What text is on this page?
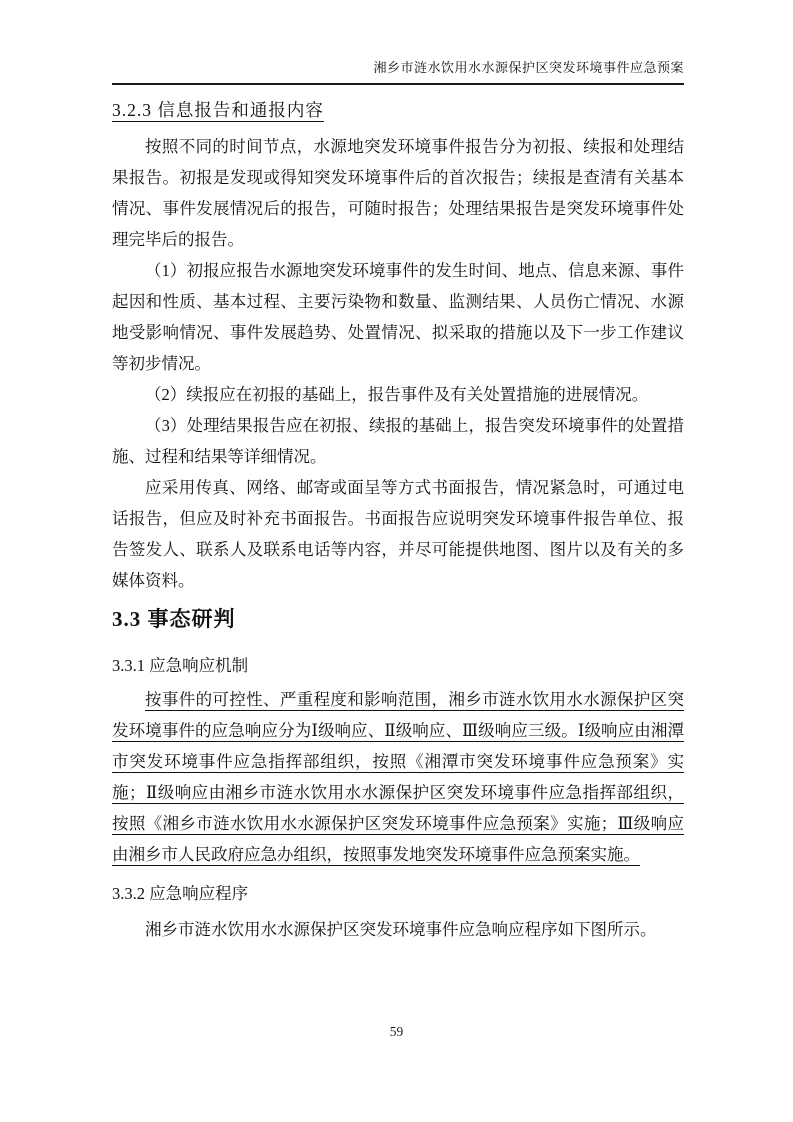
湘乡市涟水饮用水水源保护区突发环境事件应急预案
3.2.3 信息报告和通报内容

按照不同的时间节点，水源地突发环境事件报告分为初报、续报和处理结果报告。初报是发现或得知突发环境事件后的首次报告；续报是查清有关基本情况、事件发展情况后的报告，可随时报告；处理结果报告是突发环境事件处理完毕后的报告。

（1）初报应报告水源地突发环境事件的发生时间、地点、信息来源、事件起因和性质、基本过程、主要污染物和数量、监测结果、人员伤亡情况、水源地受影响情况、事件发展趋势、处置情况、拟采取的措施以及下一步工作建议等初步情况。

（2）续报应在初报的基础上，报告事件及有关处置措施的进展情况。

（3）处理结果报告应在初报、续报的基础上，报告突发环境事件的处置措施、过程和结果等详细情况。

应采用传真、网络、邮寄或面呈等方式书面报告，情况紧急时，可通过电话报告，但应及时补充书面报告。书面报告应说明突发环境事件报告单位、报告签发人、联系人及联系电话等内容，并尽可能提供地图、图片以及有关的多媒体资料。

3.3 事态研判
3.3.1 应急响应机制

按事件的可控性、严重程度和影响范围，湘乡市涟水饮用水水源保护区突发环境事件的应急响应分为Ⅰ级响应、Ⅱ级响应、Ⅲ级响应三级。Ⅰ级响应由湘潭市突发环境事件应急指挥部组织，按照《湘潭市突发环境事件应急预案》实施；Ⅱ级响应由湘乡市涟水饮用水水源保护区突发环境事件应急指挥部组织，按照《湘乡市涟水饮用水水源保护区突发环境事件应急预案》实施；Ⅲ级响应由湘乡市人民政府应急办组织，按照事发地突发环境事件应急预案实施。

3.3.2 应急响应程序

湘乡市涟水饮用水水源保护区突发环境事件应急响应程序如下图所示。

59
